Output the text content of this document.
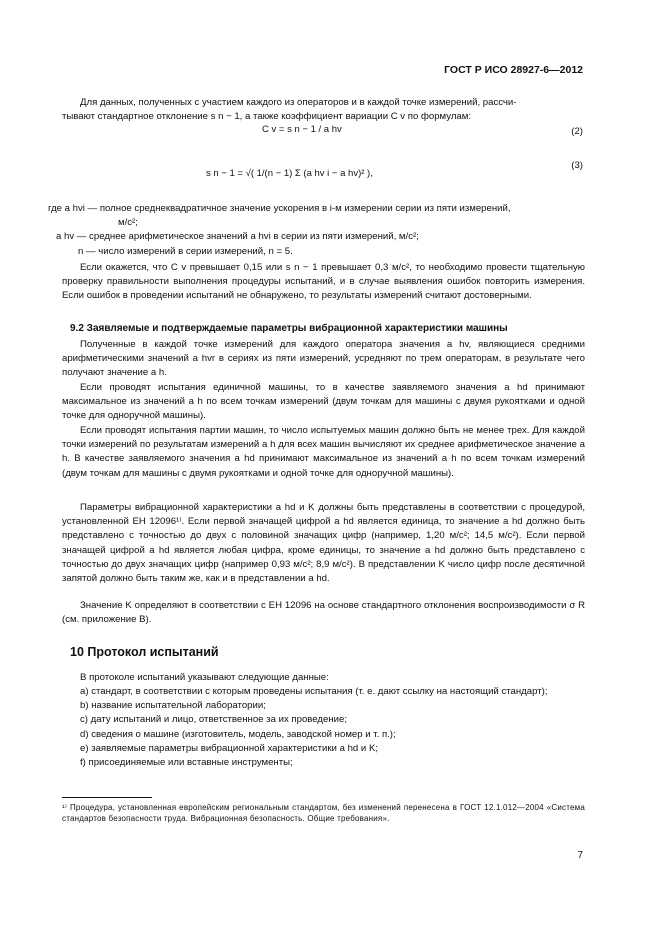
ГОСТ Р ИСО 28927-6—2012
Для данных, полученных с участием каждого из операторов и в каждой точке измерений, рассчи-
тывают стандартное отклонение s n − 1, а также коэффициент вариации C v по формулам:
C v = s n − 1 / a hv	(2)
s n − 1 = √( 1/(n − 1) Σ (a hv i − a hv)² ),
(3)
где a hvi — полное среднеквадратичное значение ускорения в i-м измерении серии из пяти измерений,
м/с²;
a hv — среднее арифметическое значений a hvi в серии из пяти измерений, м/с²;
n — число измерений в серии измерений, n = 5.
Если окажется, что C v превышает 0,15 или s n − 1 превышает 0,3 м/с², то необходимо провести тщательную проверку правильности выполнения процедуры испытаний, и в случае выявления ошибок повторить измерения. Если ошибок в проведении испытаний не обнаружено, то результаты измерений считают достоверными.
9.2 Заявляемые и подтверждаемые параметры вибрационной характеристики машины
Полученные в каждой точке измерений для каждого оператора значения a hv, являющиеся средними арифметическими значений a hvr в сериях из пяти измерений, усредняют по трем операторам, в результате чего получают значение a h.
Если проводят испытания единичной машины, то в качестве заявляемого значения a hd принимают максимальное из значений a h по всем точкам измерений (двум точкам для машины с двумя рукоятками и одной точке для одноручной машины).
Если проводят испытания партии машин, то число испытуемых машин должно быть не менее трех. Для каждой точки измерений по результатам измерений a h для всех машин вычисляют их среднее арифметическое значение a h. В качестве заявляемого значения a hd принимают максимальное из значений a h по всем точкам измерений (двум точкам для машины с двумя рукоятками и одной точке для одноручной машины).
Параметры вибрационной характеристики a hd и K должны быть представлены в соответствии с процедурой, установленной ЕН 12096¹⁾. Если первой значащей цифрой a hd является единица, то значение a hd должно быть представлено с точностью до двух с половиной значащих цифр (например, 1,20 м/с²; 14,5 м/с²). Если первой значащей цифрой a hd является любая цифра, кроме единицы, то значение a hd должно быть представлено с точностью до двух значащих цифр (например 0,93 м/с²; 8,9 м/с²). В представлении K число цифр после десятичной запятой должно быть таким же, как и в представлении a hd.
Значение K определяют в соответствии с ЕН 12096 на основе стандартного отклонения воспроизводимости σ R (см. приложение В).
10 Протокол испытаний
В протоколе испытаний указывают следующие данные:
a) стандарт, в соответствии с которым проведены испытания (т. е. дают ссылку на настоящий стандарт);
b) название испытательной лаборатории;
c) дату испытаний и лицо, ответственное за их проведение;
d) сведения о машине (изготовитель, модель, заводской номер и т. п.);
e) заявляемые параметры вибрационной характеристики a hd и K;
f) присоединяемые или вставные инструменты;
¹⁾ Процедура, установленная европейским региональным стандартом, без изменений перенесена в ГОСТ 12.1.012—2004 «Система стандартов безопасности труда. Вибрационная безопасность. Общие требования».
7
